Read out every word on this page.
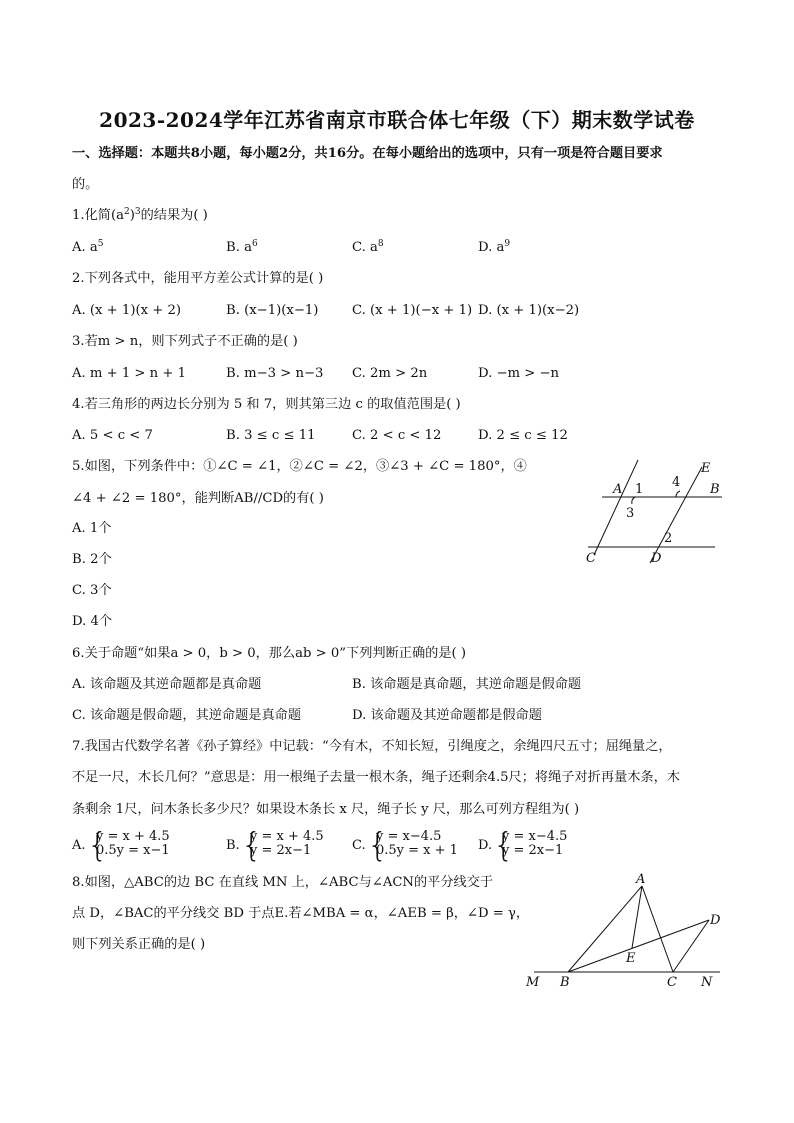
2023-2024学年江苏省南京市联合体七年级（下）期末数学试卷
一、选择题：本题共8小题，每小题2分，共16分。在每小题给出的选项中，只有一项是符合题目要求
的。
1.化简$(a^2)^3$的结果为( )
A. $a^5$	B. $a^6$	C. $a^8$	D. $a^9$
2.下列各式中，能用平方差公式计算的是( )
A. (x + 1)(x + 2)	B. (x−1)(x−1)	C. (x + 1)(−x + 1) D. (x + 1)(x−2)
3.若m > n，则下列式子不正确的是( )
A. m + 1 > n + 1	B. m−3 > n−3 C. 2m > 2n	D. −m > −n
4.若三角形的两边长分别为 5 和 7，则其第三边 c 的取值范围是( )
A. 5 < c < 7	B. 3 ≤ c ≤ 11	C. 2 < c < 12	D. 2 ≤ c ≤ 12
5.如图，下列条件中：①∠C = ∠1，②∠C = ∠2，③∠3 + ∠C = 180°，④
∠4 + ∠2 = 180°，能判断AB//CD的有( )
A. 1个
B. 2个
C. 3个
D. 4个
A 1 4
E
B
3
2
C	D
6.关于命题“如果a > 0，b > 0，那么ab > 0”下列判断正确的是( )
A. 该命题及其逆命题都是真命题	B. 该命题是真命题，其逆命题是假命题
C. 该命题是假命题，其逆命题是真命题	D. 该命题及其逆命题都是假命题
7.我国古代数学名著《孙子算经》中记载：“今有木，不知长短，引绳度之，余绳四尺五寸；屈绳量之，
不足一尺，木长几何？”意思是：用一根绳子去量一根木条，绳子还剩余4.5尺；将绳子对折再量木条，木
条剩余 1尺，问木条长多少尺？如果设木条长 x 尺，绳子长 y 尺，那么可列方程组为( )
A. {
y = x + 4.5
0.5y = x−1	B. {
y = x + 4.5
y = 2x−1	C. {
y = x−4.5
0.5y = x + 1 D. {
y = x−4.5
y = 2x−1
8.如图，△ABC的边 BC 在直线 MN 上，∠ABC与∠ACN的平分线交于
点 D，∠BAC的平分线交 BD 于点E.若∠MBA = α，∠AEB = β，∠D = γ，
则下列关系正确的是( )
A
D
E
M B	C N
